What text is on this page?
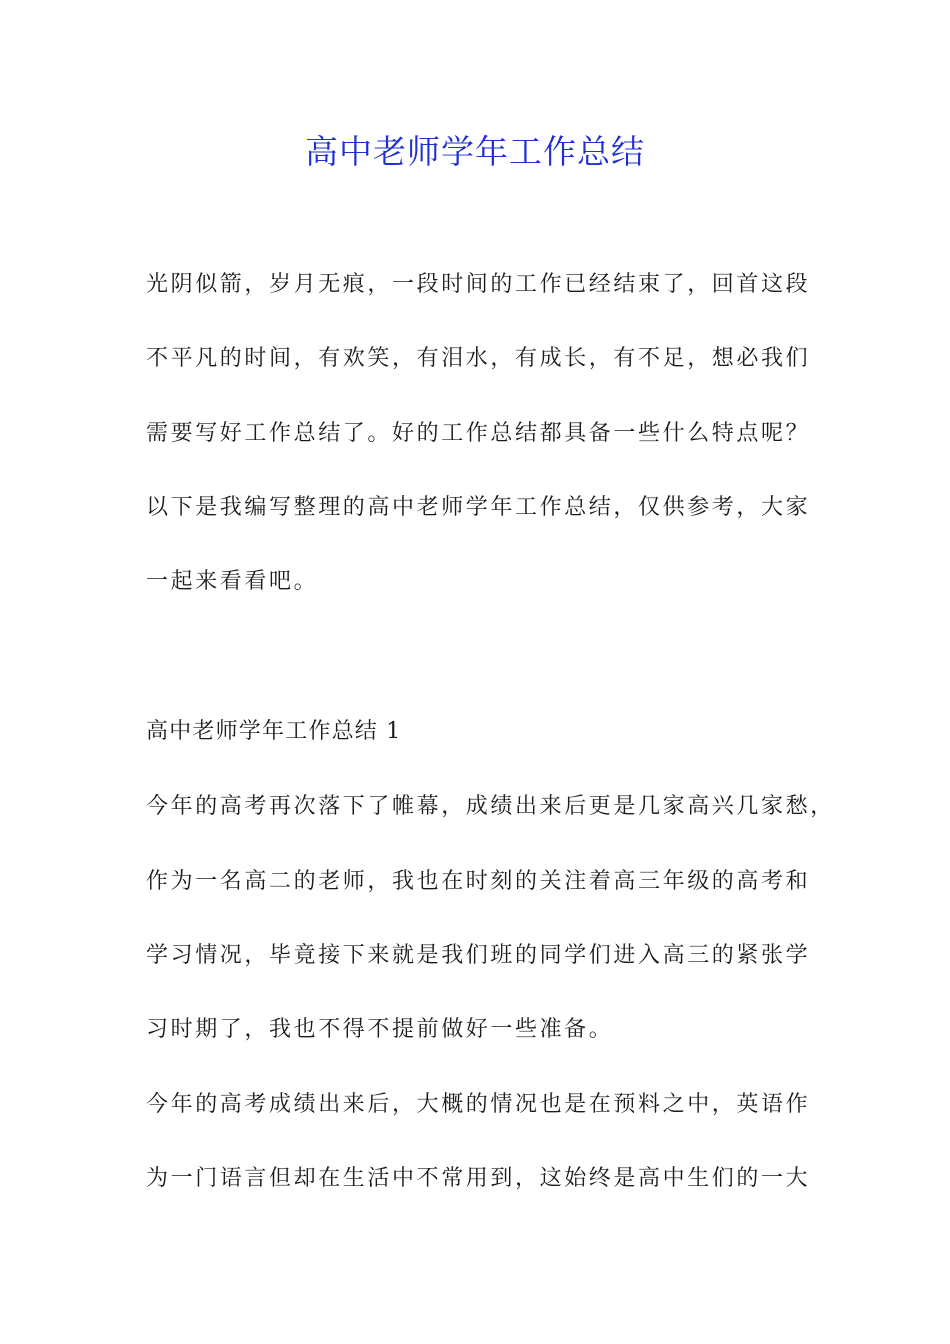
高中老师学年工作总结

光阴似箭，岁月无痕，一段时间的工作已经结束了，回首这段

不平凡的时间，有欢笑，有泪水，有成长，有不足，想必我们

需要写好工作总结了。好的工作总结都具备一些什么特点呢？

以下是我编写整理的高中老师学年工作总结，仅供参考，大家

一起来看看吧。

高中老师学年工作总结 1

今年的高考再次落下了帷幕，成绩出来后更是几家高兴几家愁，

作为一名高二的老师，我也在时刻的关注着高三年级的高考和

学习情况，毕竟接下来就是我们班的同学们进入高三的紧张学

习时期了，我也不得不提前做好一些准备。

今年的高考成绩出来后，大概的情况也是在预料之中，英语作

为一门语言但却在生活中不常用到，这始终是高中生们的一大
